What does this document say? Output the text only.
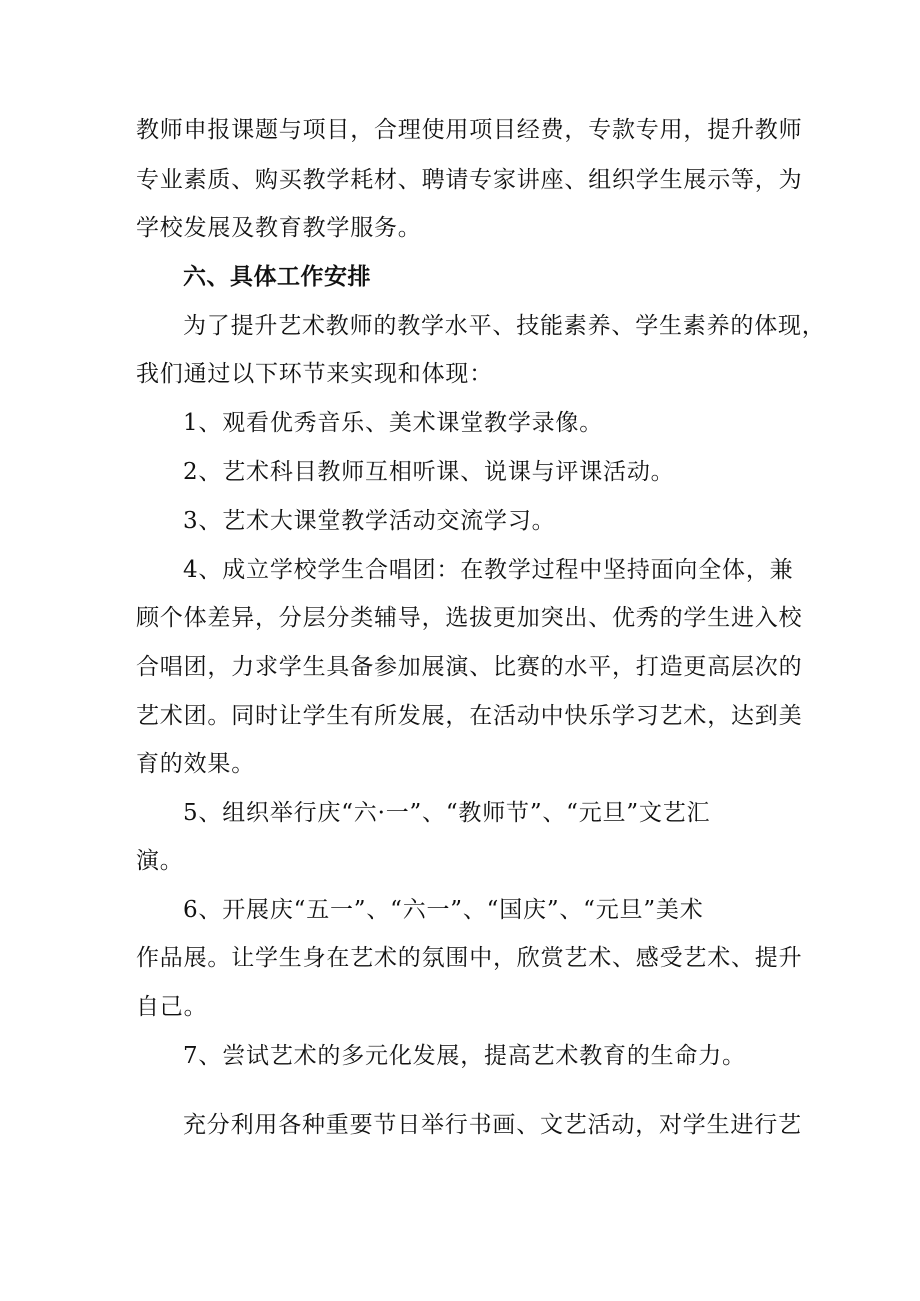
教师申报课题与项目，合理使用项目经费，专款专用，提升教师

专业素质、购买教学耗材、聘请专家讲座、组织学生展示等，为

学校发展及教育教学服务。

六、具体工作安排

为了提升艺术教师的教学水平、技能素养、学生素养的体现，

我们通过以下环节来实现和体现：

1、观看优秀音乐、美术课堂教学录像。

2、艺术科目教师互相听课、说课与评课活动。

3、艺术大课堂教学活动交流学习。

4、成立学校学生合唱团：在教学过程中坚持面向全体，兼

顾个体差异，分层分类辅导，选拔更加突出、优秀的学生进入校

合唱团，力求学生具备参加展演、比赛的水平，打造更高层次的

艺术团。同时让学生有所发展，在活动中快乐学习艺术，达到美

育的效果。

5、组织举行庆“六·一”、“教师节”、“元旦”文艺汇

演。

6、开展庆“五一”、“六一”、“国庆”、“元旦”美术

作品展。让学生身在艺术的氛围中，欣赏艺术、感受艺术、提升

自己。

7、尝试艺术的多元化发展，提高艺术教育的生命力。

充分利用各种重要节日举行书画、文艺活动，对学生进行艺
